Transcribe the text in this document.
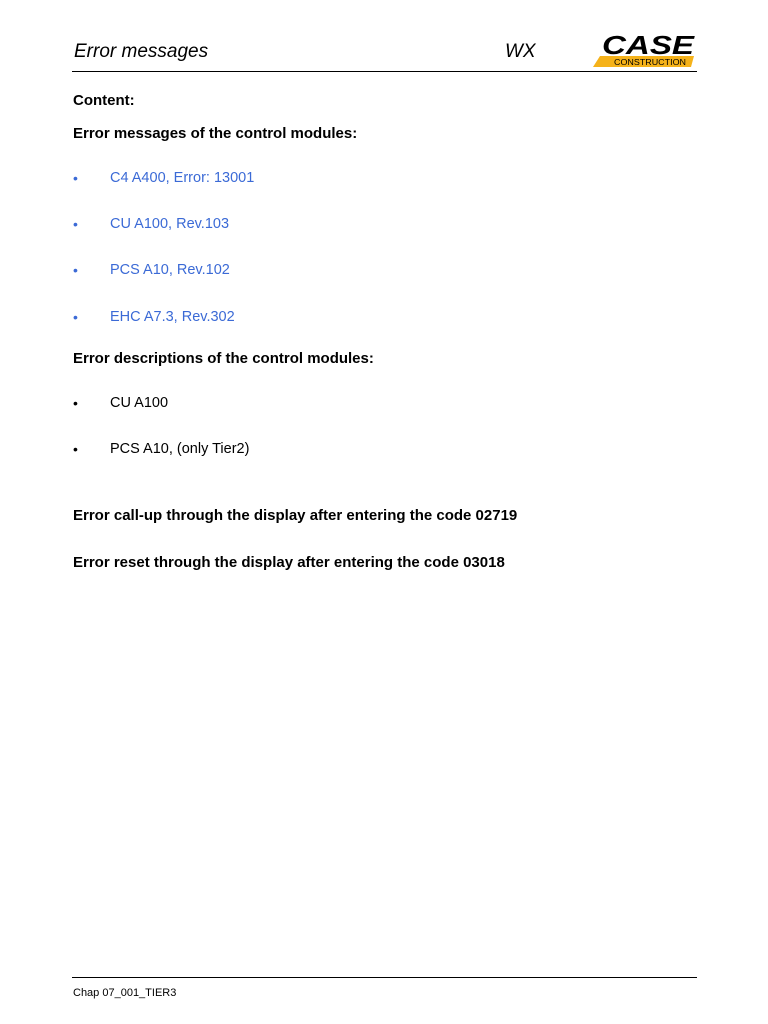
Error messages	WX	CASE
CONSTRUCTION
Content:
Error messages of the control modules:
•	C4 A400, Error: 13001
•	CU A100, Rev.103
•	PCS A10, Rev.102
•	EHC A7.3, Rev.302
Error descriptions of the control modules:
•	CU A100
•	PCS A10, (only Tier2)
Error call-up through the display after entering the code 02719
Error reset through the display after entering the code 03018
Chap 07_001_TIER3
